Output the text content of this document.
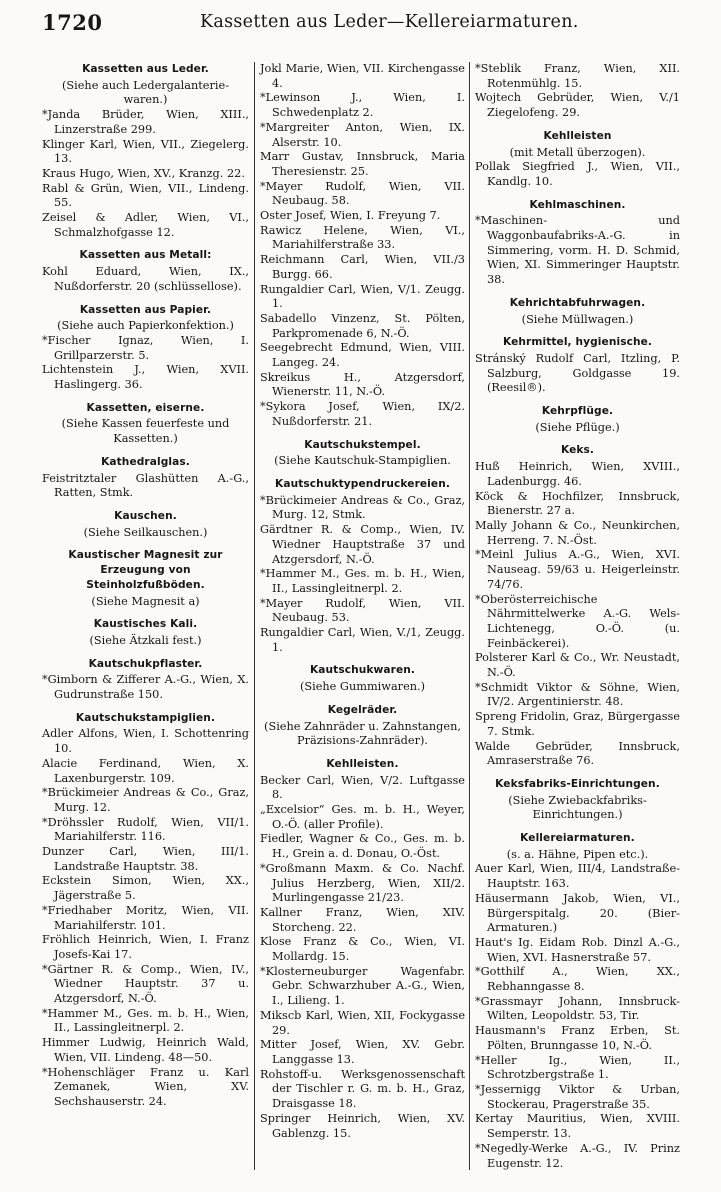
1720	Kassetten aus Leder—Kellereiarmaturen.
Kassetten aus Leder.
(Siehe auch Ledergalanterie-waren.)
*Janda Brüder, Wien, XIII., Linzerstraße 299.
Klinger Karl, Wien, VII., Ziegelerg. 13.
Kraus Hugo, Wien, XV., Kranzg. 22.
Rabl & Grün, Wien, VII., Lindeng. 55.
Zeisel & Adler, Wien, VI., Schmalzhofgasse 12.
Kassetten aus Metall:
Kohl Eduard, Wien, IX., Nußdorferstr. 20 (schlüssellose).
Kassetten aus Papier.
(Siehe auch Papierkonfektion.)
*Fischer Ignaz, Wien, I. Grillparzerstr. 5.
Lichtenstein J., Wien, XVII. Haslingerg. 36.
Kassetten, eiserne.
(Siehe Kassen feuerfeste und Kassetten.)
Kathedralglas.
Feistritztaler Glashütten A.-G., Ratten, Stmk.
Kauschen.
(Siehe Seilkauschen.)
Kaustischer Magnesit zur Erzeugung von Steinholzfußböden.
(Siehe Magnesit a)
Kaustisches Kali.
(Siehe Ätzkali fest.)
Kautschukpflaster.
*Gimborn & Zifferer A.-G., Wien, X. Gudrunstraße 150.
Kautschukstampiglien.
Adler Alfons, Wien, I. Schottenring 10.
Alacie Ferdinand, Wien, X. Laxenburgerstr. 109.
*Brückimeier Andreas & Co., Graz, Murg. 12.
*Dröhssler Rudolf, Wien, VII/1. Mariahilferstr. 116.
Dunzer Carl, Wien, III/1. Landstraße Hauptstr. 38.
Eckstein Simon, Wien, XX., Jägerstraße 5.
*Friedhaber Moritz, Wien, VII. Mariahilferstr. 101.
Fröhlich Heinrich, Wien, I. Franz Josefs-Kai 17.
*Gärtner R. & Comp., Wien, IV., Wiedner Hauptstr. 37 u. Atzgersdorf, N.-Ö.
*Hammer M., Ges. m. b. H., Wien, II., Lassingleitnerpl. 2.
Himmer Ludwig, Heinrich Wald, Wien, VII. Lindeng. 48—50.
*Hohenschläger Franz u. Karl Zemanek, Wien, XV. Sechshauserstr. 24.
Jokl Marie, Wien, VII. Kirchengasse 4.
*Lewinson J., Wien, I. Schwedenplatz 2.
*Margreiter Anton, Wien, IX. Alserstr. 10.
Marr Gustav, Innsbruck, Maria Theresienstr. 25.
*Mayer Rudolf, Wien, VII. Neubaug. 58.
Oster Josef, Wien, I. Freyung 7.
Rawicz Helene, Wien, VI., Mariahilferstraße 33.
Reichmann Carl, Wien, VII./3 Burgg. 66.
Rungaldier Carl, Wien, V/1. Zeugg. 1.
Sabadello Vinzenz, St. Pölten, Parkpromenade 6, N.-Ö.
Seegebrecht Edmund, Wien, VIII. Langeg. 24.
Skreikus H., Atzgersdorf, Wienerstr. 11, N.-Ö.
*Sykora Josef, Wien, IX/2. Nußdorferstr. 21.
Kautschukstempel.
(Siehe Kautschuk-Stampiglien.
Kautschuktypendruckereien.
*Brückimeier Andreas & Co., Graz, Murg. 12, Stmk.
Gärdtner R. & Comp., Wien, IV. Wiedner Hauptstraße 37 und Atzgersdorf, N.-Ö.
*Hammer M., Ges. m. b. H., Wien, II., Lassingleitnerpl. 2.
*Mayer Rudolf, Wien, VII. Neubaug. 53.
Rungaldier Carl, Wien, V./1, Zeugg. 1.
Kautschukwaren.
(Siehe Gummiwaren.)
Kegelräder.
(Siehe Zahnräder u. Zahnstangen, Präzisions-Zahnräder).
Kehlleisten.
Becker Carl, Wien, V/2. Luftgasse 8.
„Excelsior“ Ges. m. b. H., Weyer, O.-Ö. (aller Profile).
Fiedler, Wagner & Co., Ges. m. b. H., Grein a. d. Donau, O.-Öst.
*Großmann Maxm. & Co. Nachf. Julius Herzberg, Wien, XII/2. Murlingengasse 21/23.
Kallner Franz, Wien, XIV. Storcheng. 22.
Klose Franz & Co., Wien, VI. Mollardg. 15.
*Klosterneuburger Wagenfabr. Gebr. Schwarzhuber A.-G., Wien, I., Lilieng. 1.
Mikscb Karl, Wien, XII, Fockygasse 29.
Mitter Josef, Wien, XV. Gebr. Langgasse 13.
Rohstoff-u. Werksgenossenschaft der Tischler r. G. m. b. H., Graz, Draisgasse 18.
Springer Heinrich, Wien, XV. Gablenzg. 15.
*Steblik Franz, Wien, XII. Rotenmühlg. 15.
Wojtech Gebrüder, Wien, V./1 Ziegelofeng. 29.
Kehlleisten
(mit Metall überzogen).
Pollak Siegfried J., Wien, VII., Kandlg. 10.
Kehlmaschinen.
*Maschinen- und Waggonbaufabriks-A.-G. in Simmering, vorm. H. D. Schmid, Wien, XI. Simmeringer Hauptstr. 38.
Kehrichtabfuhrwagen.
(Siehe Müllwagen.)
Kehrmittel, hygienische.
Stránský Rudolf Carl, Itzling, P. Salzburg, Goldgasse 19. (Reesil®).
Kehrpflüge.
(Siehe Pflüge.)
Keks.
Huß Heinrich, Wien, XVIII., Ladenburgg. 46.
Köck & Hochfilzer, Innsbruck, Bienerstr. 27 a.
Mally Johann & Co., Neunkirchen, Herreng. 7. N.-Öst.
*Meinl Julius A.-G., Wien, XVI. Nauseag. 59/63 u. Heigerleinstr. 74/76.
*Oberösterreichische Nährmittelwerke A.-G. Wels-Lichtenegg, O.-Ö. (u. Feinbäckerei).
Polsterer Karl & Co., Wr. Neustadt, N.-Ö.
*Schmidt Viktor & Söhne, Wien, IV/2. Argentinierstr. 48.
Spreng Fridolin, Graz, Bürgergasse 7. Stmk.
Walde Gebrüder, Innsbruck, Amraserstraße 76.
Keksfabriks-Einrichtungen.
(Siehe Zwiebackfabriks-Einrichtungen.)
Kellereiarmaturen.
(s. a. Hähne, Pipen etc.).
Auer Karl, Wien, III/4, Landstraße-Hauptstr. 163.
Häusermann Jakob, Wien, VI., Bürgerspitalg. 20. (Bier-Armaturen.)
Haut's Ig. Eidam Rob. Dinzl A.-G., Wien, XVI. Hasnerstraße 57.
*Gotthilf A., Wien, XX., Rebhanngasse 8.
*Grassmayr Johann, Innsbruck-Wilten, Leopoldstr. 53, Tir.
Hausmann's Franz Erben, St. Pölten, Brunngasse 10, N.-Ö.
*Heller Ig., Wien, II., Schrotzbergstraße 1.
*Jessernigg Viktor & Urban, Stockerau, Pragerstraße 35.
Kertay Mauritius, Wien, XVIII. Semperstr. 13.
*Negedly-Werke A.-G., IV. Prinz Eugenstr. 12.
